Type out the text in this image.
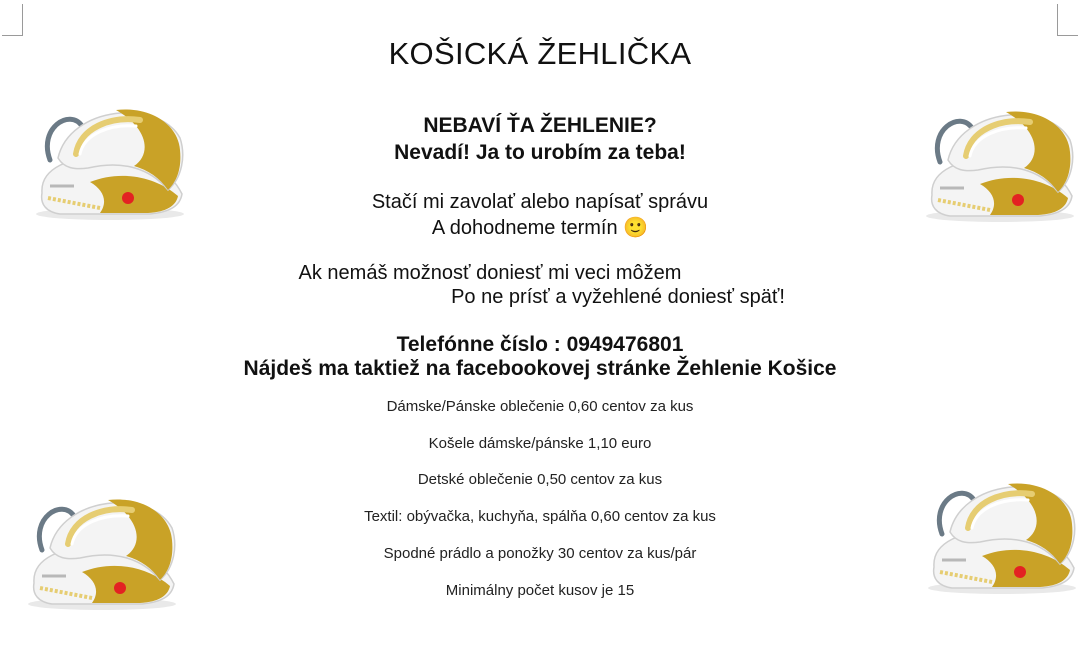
KOŠICKÁ ŽEHLIČKA
NEBAVÍ ŤA ŽEHLENIE?
Nevadí! Ja to urobím za teba!
Stačí mi zavolať alebo napísať správu
A dohodneme termín 🙂
Ak nemáš možnosť doniesť mi veci môžem
Po ne prísť a vyžehlené doniesť späť!
Telefónne číslo : 0949476801
Nájdeš ma taktiež na facebookovej stránke Žehlenie Košice
Dámske/Pánske oblečenie 0,60 centov za kus
Košele dámske/pánske 1,10 euro
Detské oblečenie 0,50 centov za kus
Textil: obývačka, kuchyňa, spálňa 0,60 centov za kus
Spodné prádlo a ponožky 30 centov za kus/pár
Minimálny počet kusov je 15
